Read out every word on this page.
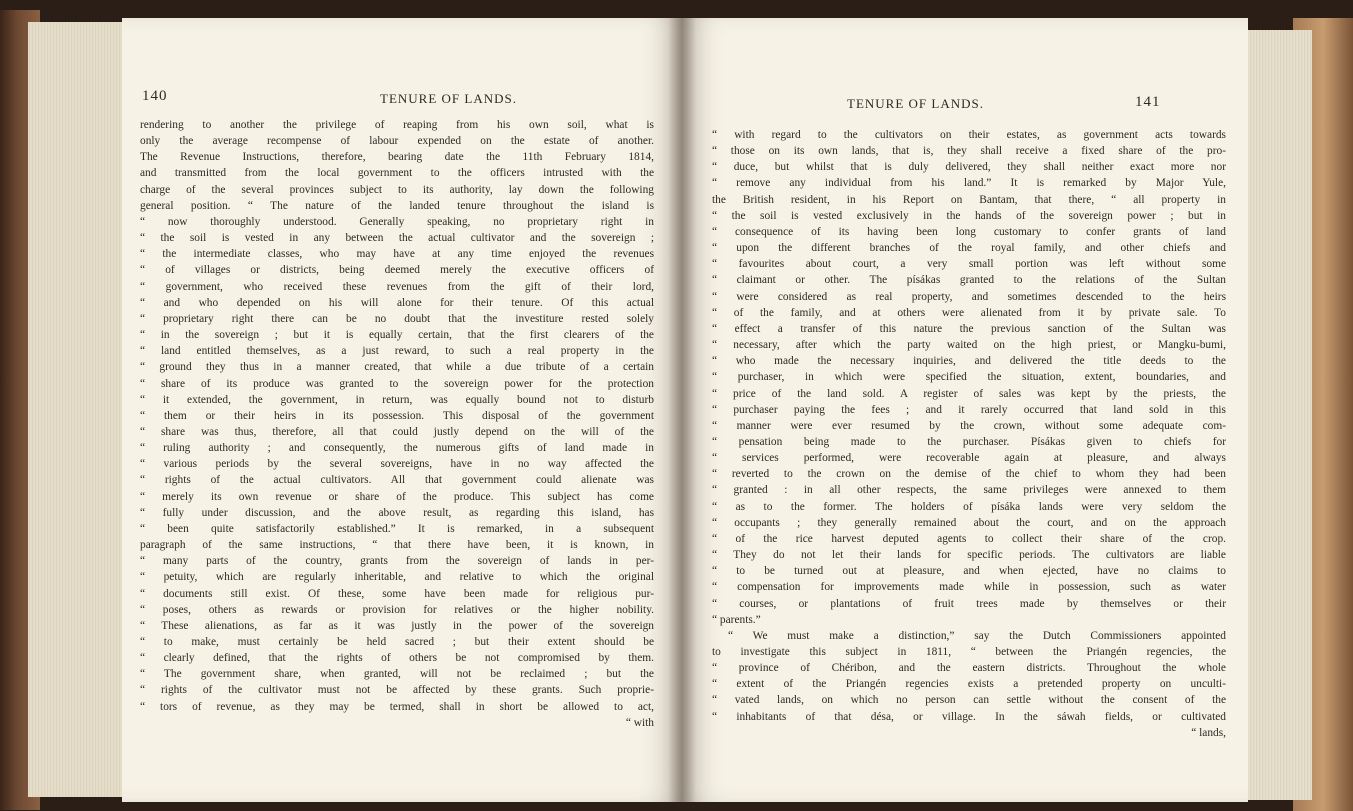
140	TENURE OF LANDS.
rendering to another the privilege of reaping from his own soil, what is
only the average recompense of labour expended on the estate of another.
The Revenue Instructions, therefore, bearing date the 11th February 1814,
and transmitted from the local government to the officers intrusted with the
charge of the several provinces subject to its authority, lay down the following
general position. “ The nature of the landed tenure throughout the island is
“ now thoroughly understood. Generally speaking, no proprietary right in
“ the soil is vested in any between the actual cultivator and the sovereign ;
“ the intermediate classes, who may have at any time enjoyed the revenues
“ of villages or districts, being deemed merely the executive officers of
“ government, who received these revenues from the gift of their lord,
“ and who depended on his will alone for their tenure. Of this actual
“ proprietary right there can be no doubt that the investiture rested solely
“ in the sovereign ; but it is equally certain, that the first clearers of the
“ land entitled themselves, as a just reward, to such a real property in the
“ ground they thus in a manner created, that while a due tribute of a certain
“ share of its produce was granted to the sovereign power for the protection
“ it extended, the government, in return, was equally bound not to disturb
“ them or their heirs in its possession. This disposal of the government
“ share was thus, therefore, all that could justly depend on the will of the
“ ruling authority ; and consequently, the numerous gifts of land made in
“ various periods by the several sovereigns, have in no way affected the
“ rights of the actual cultivators. All that government could alienate was
“ merely its own revenue or share of the produce. This subject has come
“ fully under discussion, and the above result, as regarding this island, has
“ been quite satisfactorily established.” It is remarked, in a subsequent
paragraph of the same instructions, “ that there have been, it is known, in
“ many parts of the country, grants from the sovereign of lands in per-
“ petuity, which are regularly inheritable, and relative to which the original
“ documents still exist. Of these, some have been made for religious pur-
“ poses, others as rewards or provision for relatives or the higher nobility.
“ These alienations, as far as it was justly in the power of the sovereign
“ to make, must certainly be held sacred ; but their extent should be
“ clearly defined, that the rights of others be not compromised by them.
“ The government share, when granted, will not be reclaimed ; but the
“ rights of the cultivator must not be affected by these grants. Such proprie-
“ tors of revenue, as they may be termed, shall in short be allowed to act,
“ with
TENURE OF LANDS.	141
“ with regard to the cultivators on their estates, as government acts towards
“ those on its own lands, that is, they shall receive a fixed share of the pro-
“ duce, but whilst that is duly delivered, they shall neither exact more nor
“ remove any individual from his land.” It is remarked by Major Yule,
the British resident, in his Report on Bantam, that there, “ all property in
“ the soil is vested exclusively in the hands of the sovereign power ; but in
“ consequence of its having been long customary to confer grants of land
“ upon the different branches of the royal family, and other chiefs and
“ favourites about court, a very small portion was left without some
“ claimant or other. The písákas granted to the relations of the Sultan
“ were considered as real property, and sometimes descended to the heirs
“ of the family, and at others were alienated from it by private sale. To
“ effect a transfer of this nature the previous sanction of the Sultan was
“ necessary, after which the party waited on the high priest, or Mangku-bumi,
“ who made the necessary inquiries, and delivered the title deeds to the
“ purchaser, in which were specified the situation, extent, boundaries, and
“ price of the land sold. A register of sales was kept by the priests, the
“ purchaser paying the fees ; and it rarely occurred that land sold in this
“ manner were ever resumed by the crown, without some adequate com-
“ pensation being made to the purchaser. Písákas given to chiefs for
“ services performed, were recoverable again at pleasure, and always
“ reverted to the crown on the demise of the chief to whom they had been
“ granted : in all other respects, the same privileges were annexed to them
“ as to the former. The holders of písáka lands were very seldom the
“ occupants ; they generally remained about the court, and on the approach
“ of the rice harvest deputed agents to collect their share of the crop.
“ They do not let their lands for specific periods. The cultivators are liable
“ to be turned out at pleasure, and when ejected, have no claims to
“ compensation for improvements made while in possession, such as water
“ courses, or plantations of fruit trees made by themselves or their
“ parents.”
“ We must make a distinction,” say the Dutch Commissioners appointed
to investigate this subject in 1811, “ between the Priangén regencies, the
“ province of Chéribon, and the eastern districts. Throughout the whole
“ extent of the Priangén regencies exists a pretended property on unculti-
“ vated lands, on which no person can settle without the consent of the
“ inhabitants of that désa, or village. In the sáwah fields, or cultivated
“ lands,
